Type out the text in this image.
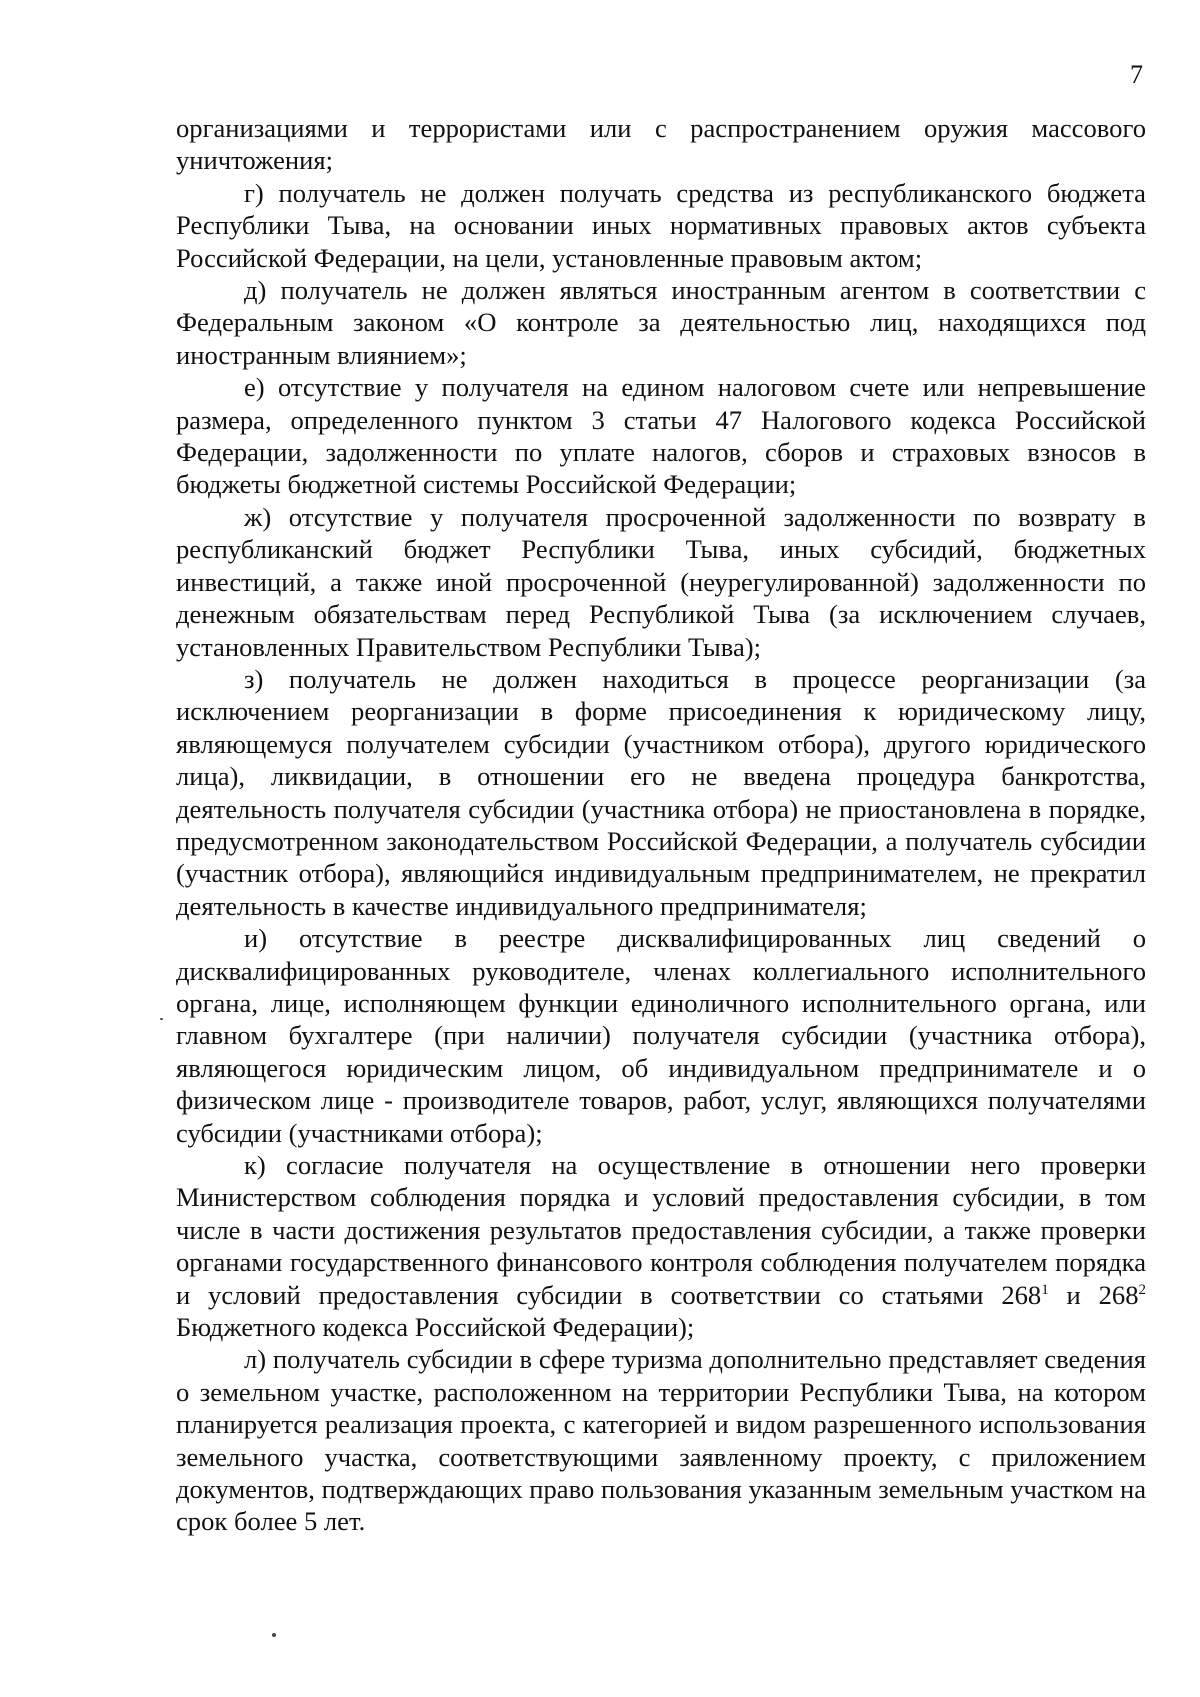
7

организациями и террористами или с распространением оружия массового уничтожения;

г) получатель не должен получать средства из республиканского бюджета Республики Тыва, на основании иных нормативных правовых актов субъекта Российской Федерации, на цели, установленные правовым актом;

д) получатель не должен являться иностранным агентом в соответствии с Федеральным законом «О контроле за деятельностью лиц, находящихся под иностранным влиянием»;

е) отсутствие у получателя на едином налоговом счете или непревышение размера, определенного пунктом 3 статьи 47 Налогового кодекса Российской Федерации, задолженности по уплате налогов, сборов и страховых взносов в бюджеты бюджетной системы Российской Федерации;

ж) отсутствие у получателя просроченной задолженности по возврату в республиканский бюджет Республики Тыва, иных субсидий, бюджетных инвестиций, а также иной просроченной (неурегулированной) задолженности по денежным обязательствам перед Республикой Тыва (за исключением случаев, установленных Правительством Республики Тыва);

з) получатель не должен находиться в процессе реорганизации (за исключением реорганизации в форме присоединения к юридическому лицу, являющемуся получателем субсидии (участником отбора), другого юридического лица), ликвидации, в отношении его не введена процедура банкротства, деятельность получателя субсидии (участника отбора) не приостановлена в порядке, предусмотренном законодательством Российской Федерации, а получатель субсидии (участник отбора), являющийся индивидуальным предпринимателем, не прекратил деятельность в качестве индивидуального предпринимателя;

и) отсутствие в реестре дисквалифицированных лиц сведений о дисквалифицированных руководителе, членах коллегиального исполнительного органа, лице, исполняющем функции единоличного исполнительного органа, или главном бухгалтере (при наличии) получателя субсидии (участника отбора), являющегося юридическим лицом, об индивидуальном предпринимателе и о физическом лице - производителе товаров, работ, услуг, являющихся получателями субсидии (участниками отбора);

к) согласие получателя на осуществление в отношении него проверки Министерством соблюдения порядка и условий предоставления субсидии, в том числе в части достижения результатов предоставления субсидии, а также проверки органами государственного финансового контроля соблюдения получателем порядка и условий предоставления субсидии в соответствии со статьями $268^1$ и $268^2$ Бюджетного кодекса Российской Федерации);

л) получатель субсидии в сфере туризма дополнительно представляет сведения о земельном участке, расположенном на территории Республики Тыва, на котором планируется реализация проекта, с категорией и видом разрешенного использования земельного участка, соответствующими заявленному проекту, с приложением документов, подтверждающих право пользования указанным земельным участком на срок более 5 лет.
